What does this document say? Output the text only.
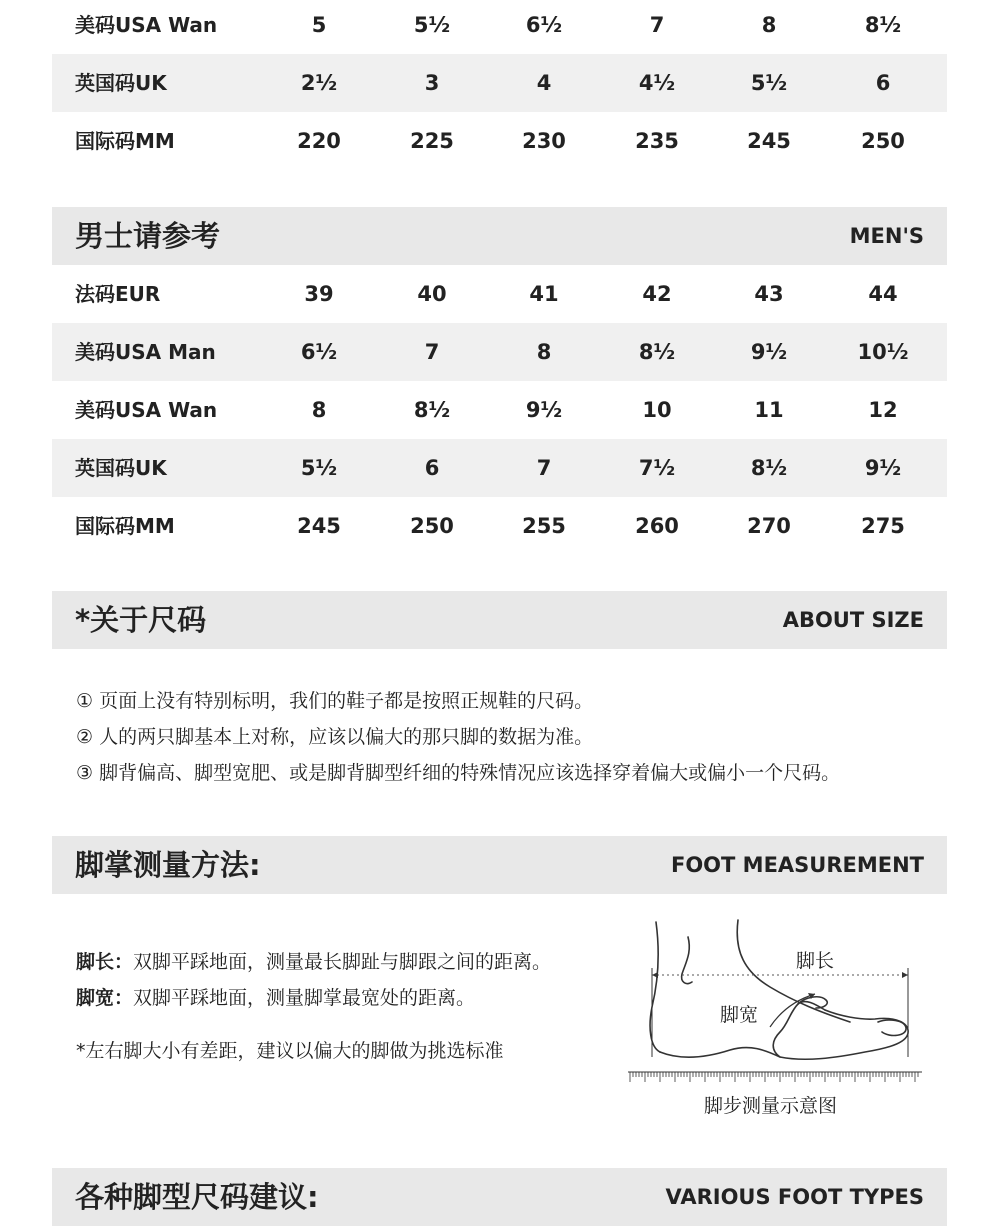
美码USA Wan	5	5½	6½	7	8	8½
英国码UK	2½	3	4	4½	5½	6
国际码MM	220	225	230	235	245	250
男士请参考	MEN'S
法码EUR	39	40	41	42	43	44
美码USA Man	6½	7	8	8½	9½	10½
美码USA Wan	8	8½	9½	10	11	12
英国码UK	5½	6	7	7½	8½	9½
国际码MM	245	250	255	260	270	275
*关于尺码	ABOUT SIZE
① 页面上没有特别标明，我们的鞋子都是按照正规鞋的尺码。
② 人的两只脚基本上对称，应该以偏大的那只脚的数据为准。
③ 脚背偏高、脚型宽肥、或是脚背脚型纤细的特殊情况应该选择穿着偏大或偏小一个尺码。
脚掌测量方法:	FOOT MEASUREMENT
脚长：双脚平踩地面，测量最长脚趾与脚跟之间的距离。
脚宽：双脚平踩地面，测量脚掌最宽处的距离。
*左右脚大小有差距，建议以偏大的脚做为挑选标准
脚长
脚宽
脚步测量示意图
各种脚型尺码建议:	VARIOUS FOOT TYPES
